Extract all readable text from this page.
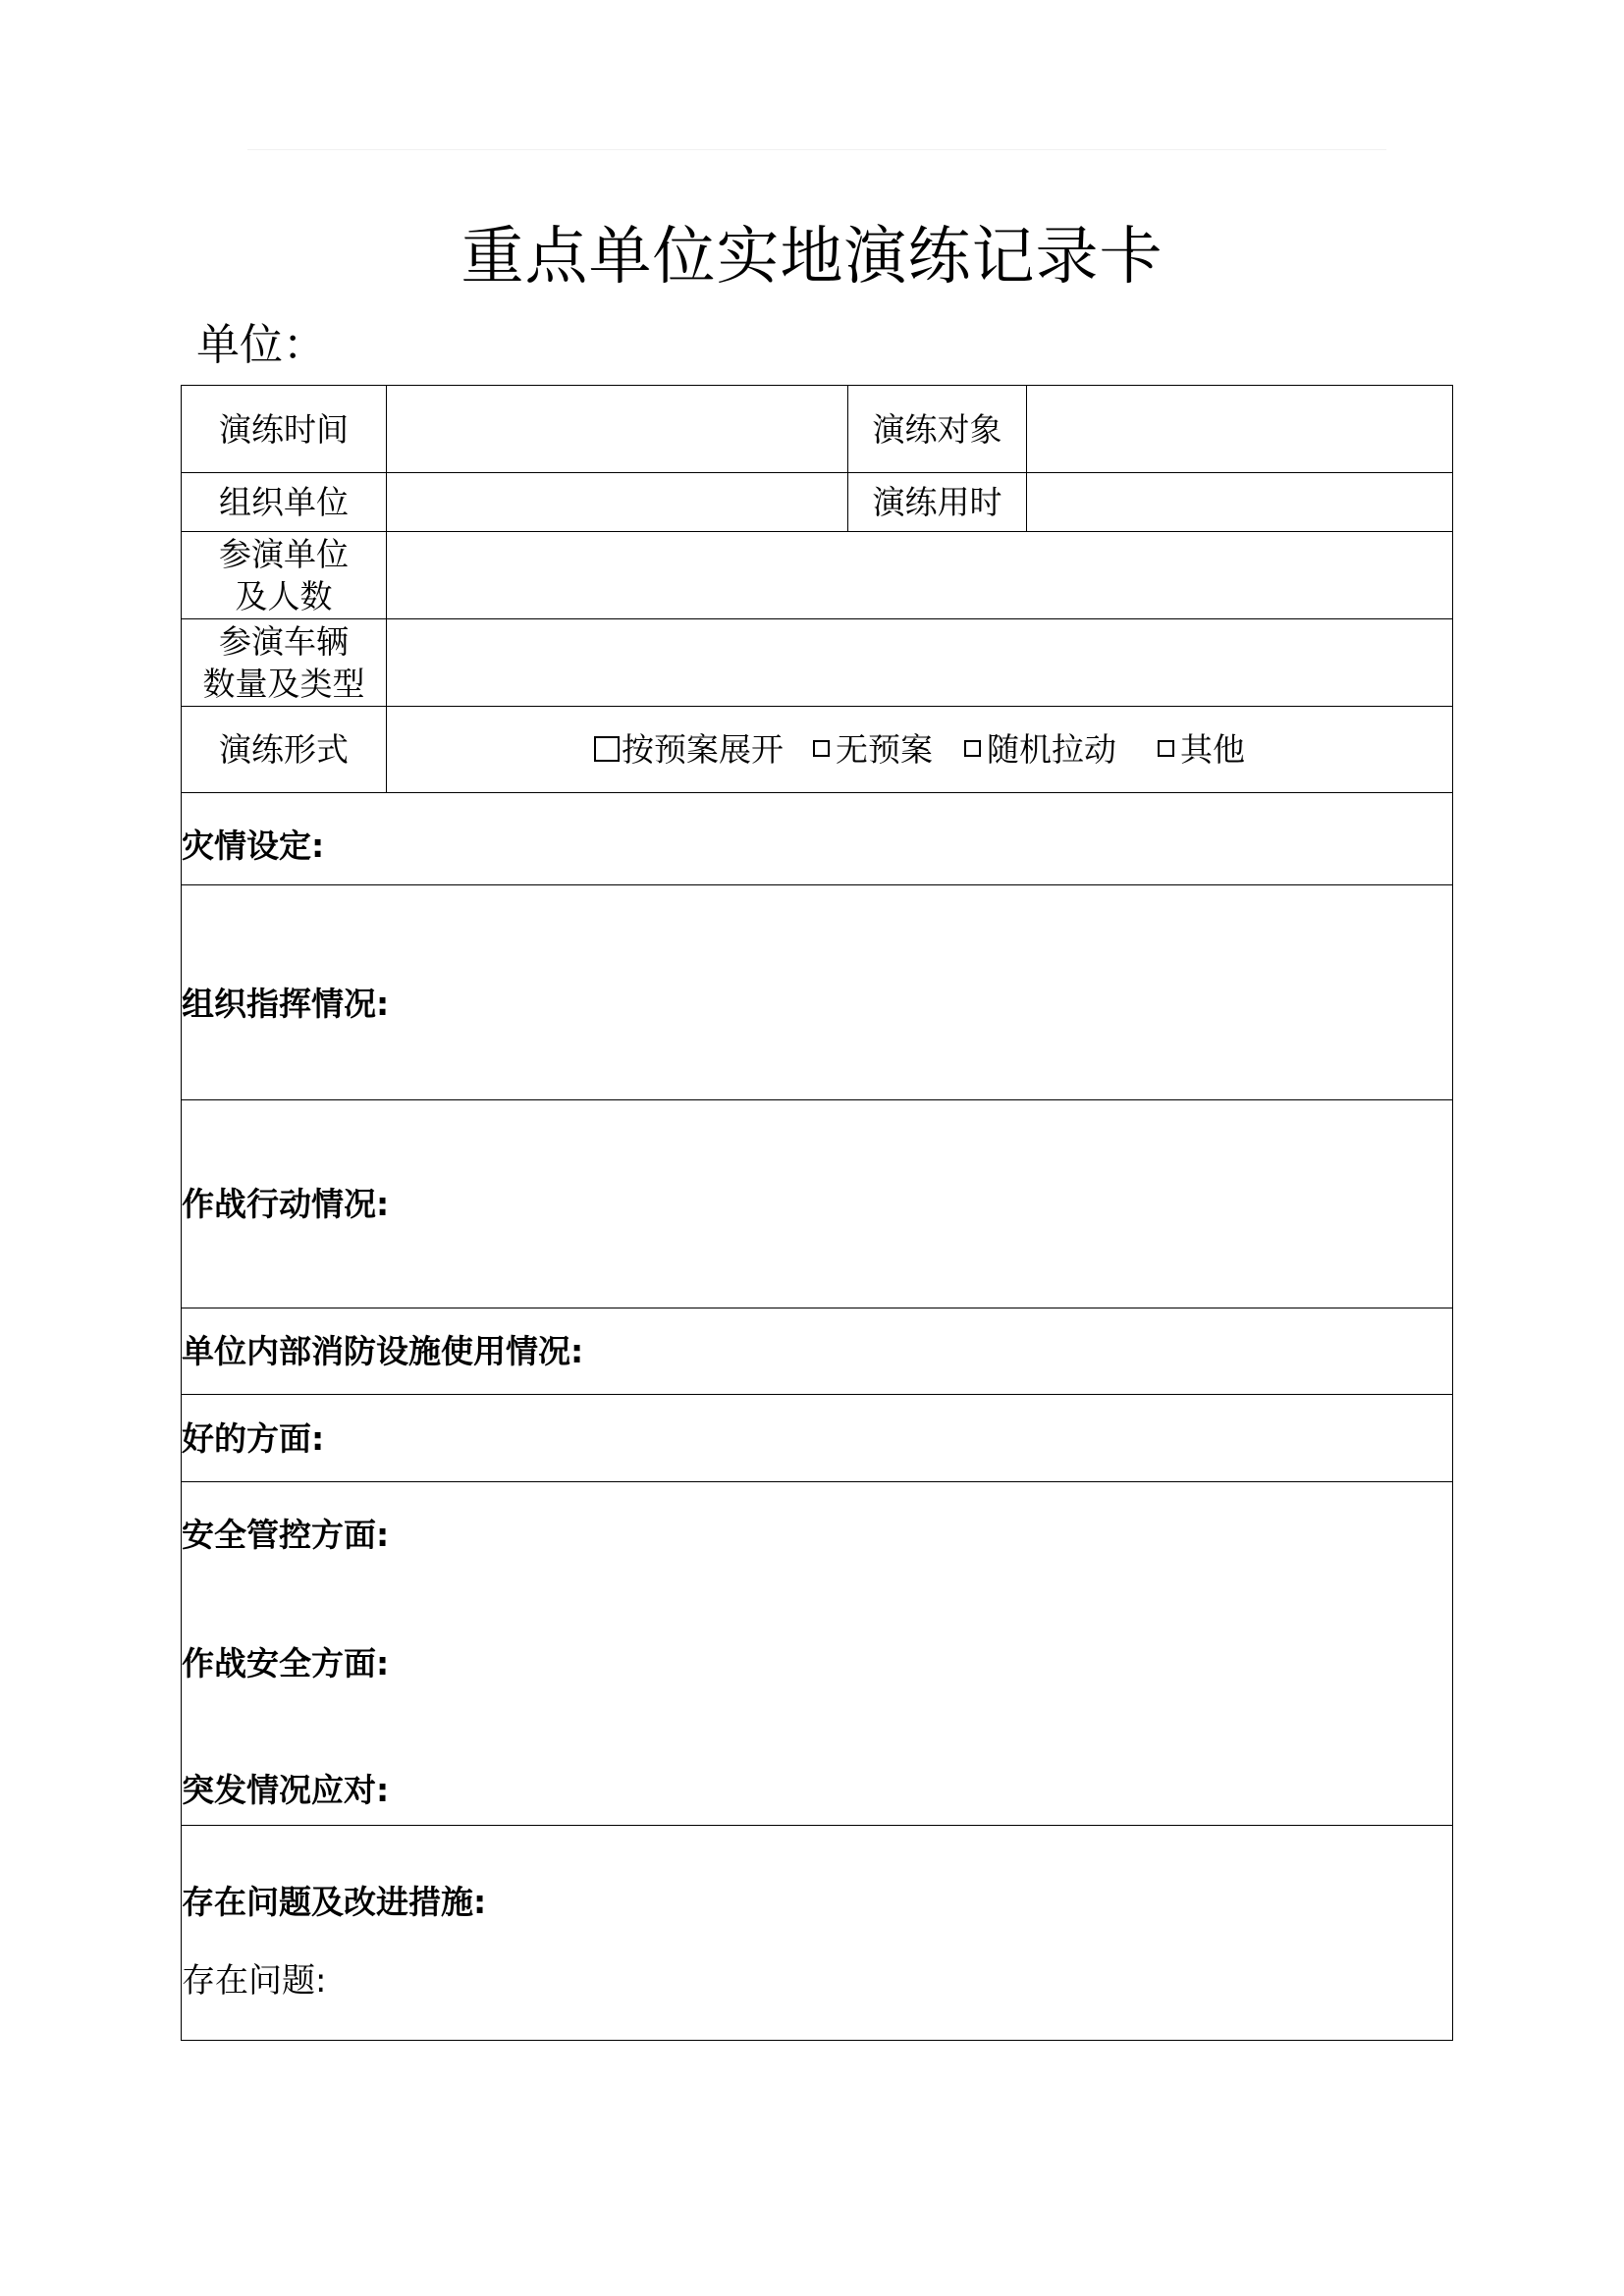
重点单位实地演练记录卡
单位：
演练时间		演练对象	
组织单位		演练用时	

参演单位
及人数			

参演车辆
数量及类型			

演练形式	按预案展开 无预案 随机拉动 其他		
灾情设定:			
组织指挥情况:			
作战行动情况:			
单位内部消防设施使用情况:			
好的方面:			

安全管控方面:
作战安全方面:
突发情况应对:			

存在问题及改进措施:
存在问题:			
